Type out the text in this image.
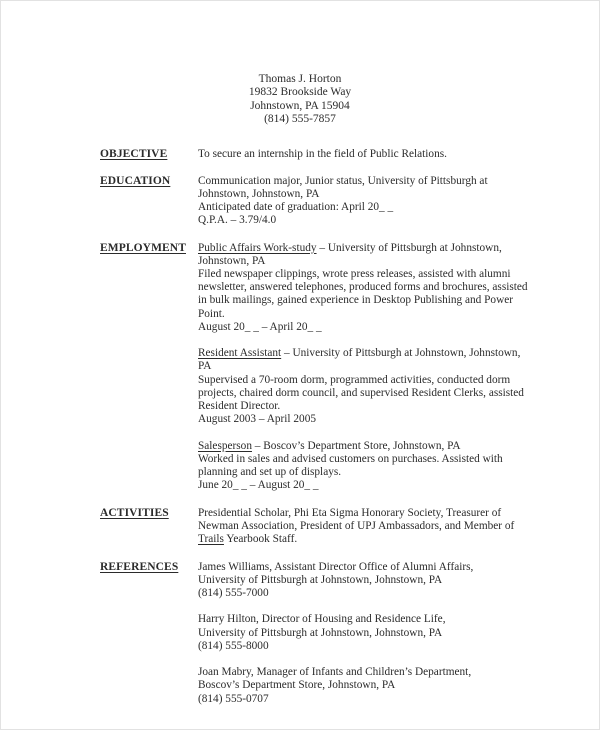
Thomas J. Horton
19832 Brookside Way
Johnstown, PA 15904
(814) 555-7857
OBJECTIVE	To secure an internship in the field of Public Relations.
EDUCATION	Communication major, Junior status, University of Pittsburgh at
Johnstown, Johnstown, PA
Anticipated date of graduation: April 20_ _
Q.P.A. – 3.79/4.0
EMPLOYMENT	Public Affairs Work-study – University of Pittsburgh at Johnstown,
Johnstown, PA
Filed newspaper clippings, wrote press releases, assisted with alumni
newsletter, answered telephones, produced forms and brochures, assisted
in bulk mailings, gained experience in Desktop Publishing and Power
Point.
August 20_ _ – April 20_ _
Resident Assistant – University of Pittsburgh at Johnstown, Johnstown,
PA
Supervised a 70-room dorm, programmed activities, conducted dorm
projects, chaired dorm council, and supervised Resident Clerks, assisted
Resident Director.
August 2003 – April 2005
Salesperson – Boscov’s Department Store, Johnstown, PA
Worked in sales and advised customers on purchases. Assisted with
planning and set up of displays.
June 20_ _ – August 20_ _
ACTIVITIES	Presidential Scholar, Phi Eta Sigma Honorary Society, Treasurer of
Newman Association, President of UPJ Ambassadors, and Member of
Trails Yearbook Staff.
REFERENCES	James Williams, Assistant Director Office of Alumni Affairs,
University of Pittsburgh at Johnstown, Johnstown, PA
(814) 555-7000
Harry Hilton, Director of Housing and Residence Life,
University of Pittsburgh at Johnstown, Johnstown, PA
(814) 555-8000
Joan Mabry, Manager of Infants and Children’s Department,
Boscov’s Department Store, Johnstown, PA
(814) 555-0707
